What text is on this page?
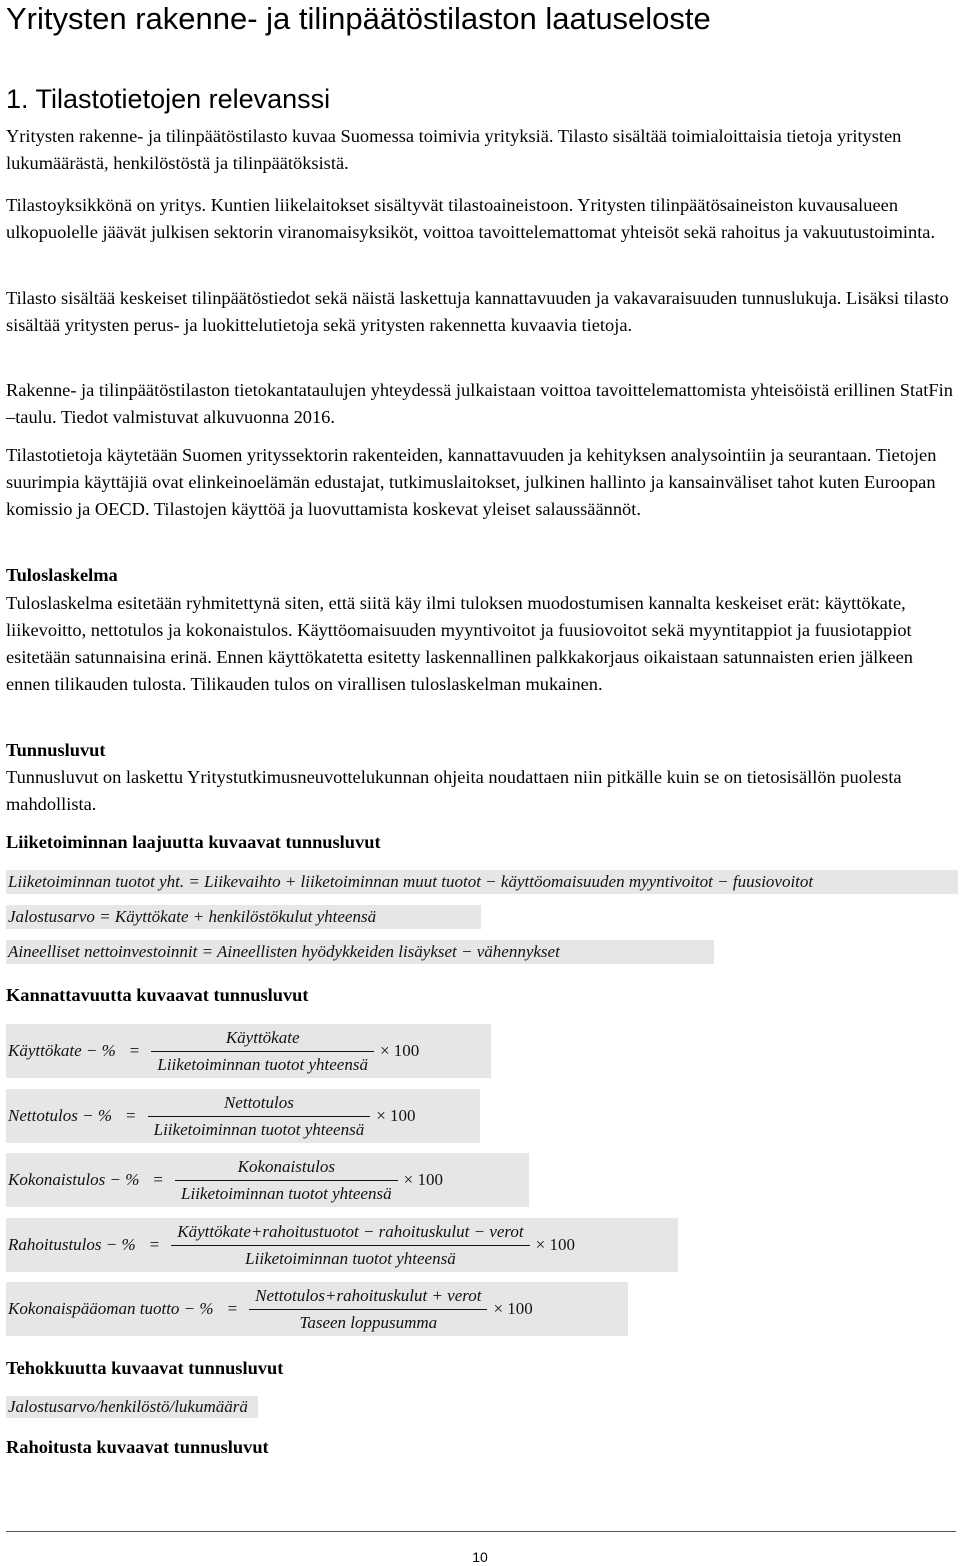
Yritysten rakenne- ja tilinpäätöstilaston laatuseloste
1. Tilastotietojen relevanssi

Yritysten rakenne- ja tilinpäätöstilasto kuvaa Suomessa toimivia yrityksiä. Tilasto sisältää toimialoittaisia tietoja yritysten lukumäärästä, henkilöstöstä ja tilinpäätöksistä.

Tilastoyksikkönä on yritys. Kuntien liikelaitokset sisältyvät tilastoaineistoon. Yritysten tilinpäätösaineiston kuvausalueen ulkopuolelle jäävät julkisen sektorin viranomaisyksiköt, voittoa tavoittelemattomat yhteisöt sekä rahoitus ja vakuutustoiminta.

Tilasto sisältää keskeiset tilinpäätöstiedot sekä näistä laskettuja kannattavuuden ja vakavaraisuuden tunnuslukuja. Lisäksi tilasto sisältää yritysten perus- ja luokittelutietoja sekä yritysten rakennetta kuvaavia tietoja.

Rakenne- ja tilinpäätöstilaston tietokantataulujen yhteydessä julkaistaan voittoa tavoittelemattomista yhteisöistä erillinen StatFin –taulu. Tiedot valmistuvat alkuvuonna 2016.

Tilastotietoja käytetään Suomen yrityssektorin rakenteiden, kannattavuuden ja kehityksen analysointiin ja seurantaan. Tietojen suurimpia käyttäjiä ovat elinkeinoelämän edustajat, tutkimuslaitokset, julkinen hallinto ja kansainväliset tahot kuten Euroopan komissio ja OECD. Tilastojen käyttöä ja luovuttamista koskevat yleiset salaussäännöt.

Tuloslaskelma

Tuloslaskelma esitetään ryhmitettynä siten, että siitä käy ilmi tuloksen muodostumisen kannalta keskeiset erät: käyttökate, liikevoitto, nettotulos ja kokonaistulos. Käyttöomaisuuden myyntivoitot ja fuusiovoitot sekä myyntitappiot ja fuusiotappiot esitetään satunnaisina erinä. Ennen käyttökatetta esitetty laskennallinen palkkakorjaus oikaistaan satunnaisten erien jälkeen ennen tilikauden tulosta. Tilikauden tulos on virallisen tuloslaskelman mukainen.

Tunnusluvut

Tunnusluvut on laskettu Yritystutkimusneuvottelukunnan ohjeita noudattaen niin pitkälle kuin se on tietosisällön puolesta mahdollista.

Liiketoiminnan laajuutta kuvaavat tunnusluvut

Liiketoiminnan tuotot yht. = Liikevaihto + liiketoiminnan muut tuotot − käyttöomaisuuden myyntivoitot − fuusiovoitot
Jalostusarvo = Käyttökate + henkilöstökulut yhteensä
Aineelliset nettoinvestoinnit = Aineellisten hyödykkeiden lisäykset − vähennykset

Kannattavuutta kuvaavat tunnusluvut

Käyttökate − % = $\frac{\text{Käyttökate}}{\text{Liiketoiminnan tuotot yhteensä}} \times 100$
Nettotulos − % = $\frac{\text{Nettotulos}}{\text{Liiketoiminnan tuotot yhteensä}} \times 100$
Kokonaistulos − % = $\frac{\text{Kokonaistulos}}{\text{Liiketoiminnan tuotot yhteensä}} \times 100$
Rahoitustulos − % = $\frac{\text{Käyttökate+rahoitustuotot − rahoituskulut − verot}}{\text{Liiketoiminnan tuotot yhteensä}} \times 100$
Kokonaispääoman tuotto − % = $\frac{\text{Nettotulos+rahoituskulut + verot}}{\text{Taseen loppusumma}} \times 100$

Tehokkuutta kuvaavat tunnusluvut

Jalostusarvo/henkilöstö/lukumäärä

Rahoitusta kuvaavat tunnusluvut

10
